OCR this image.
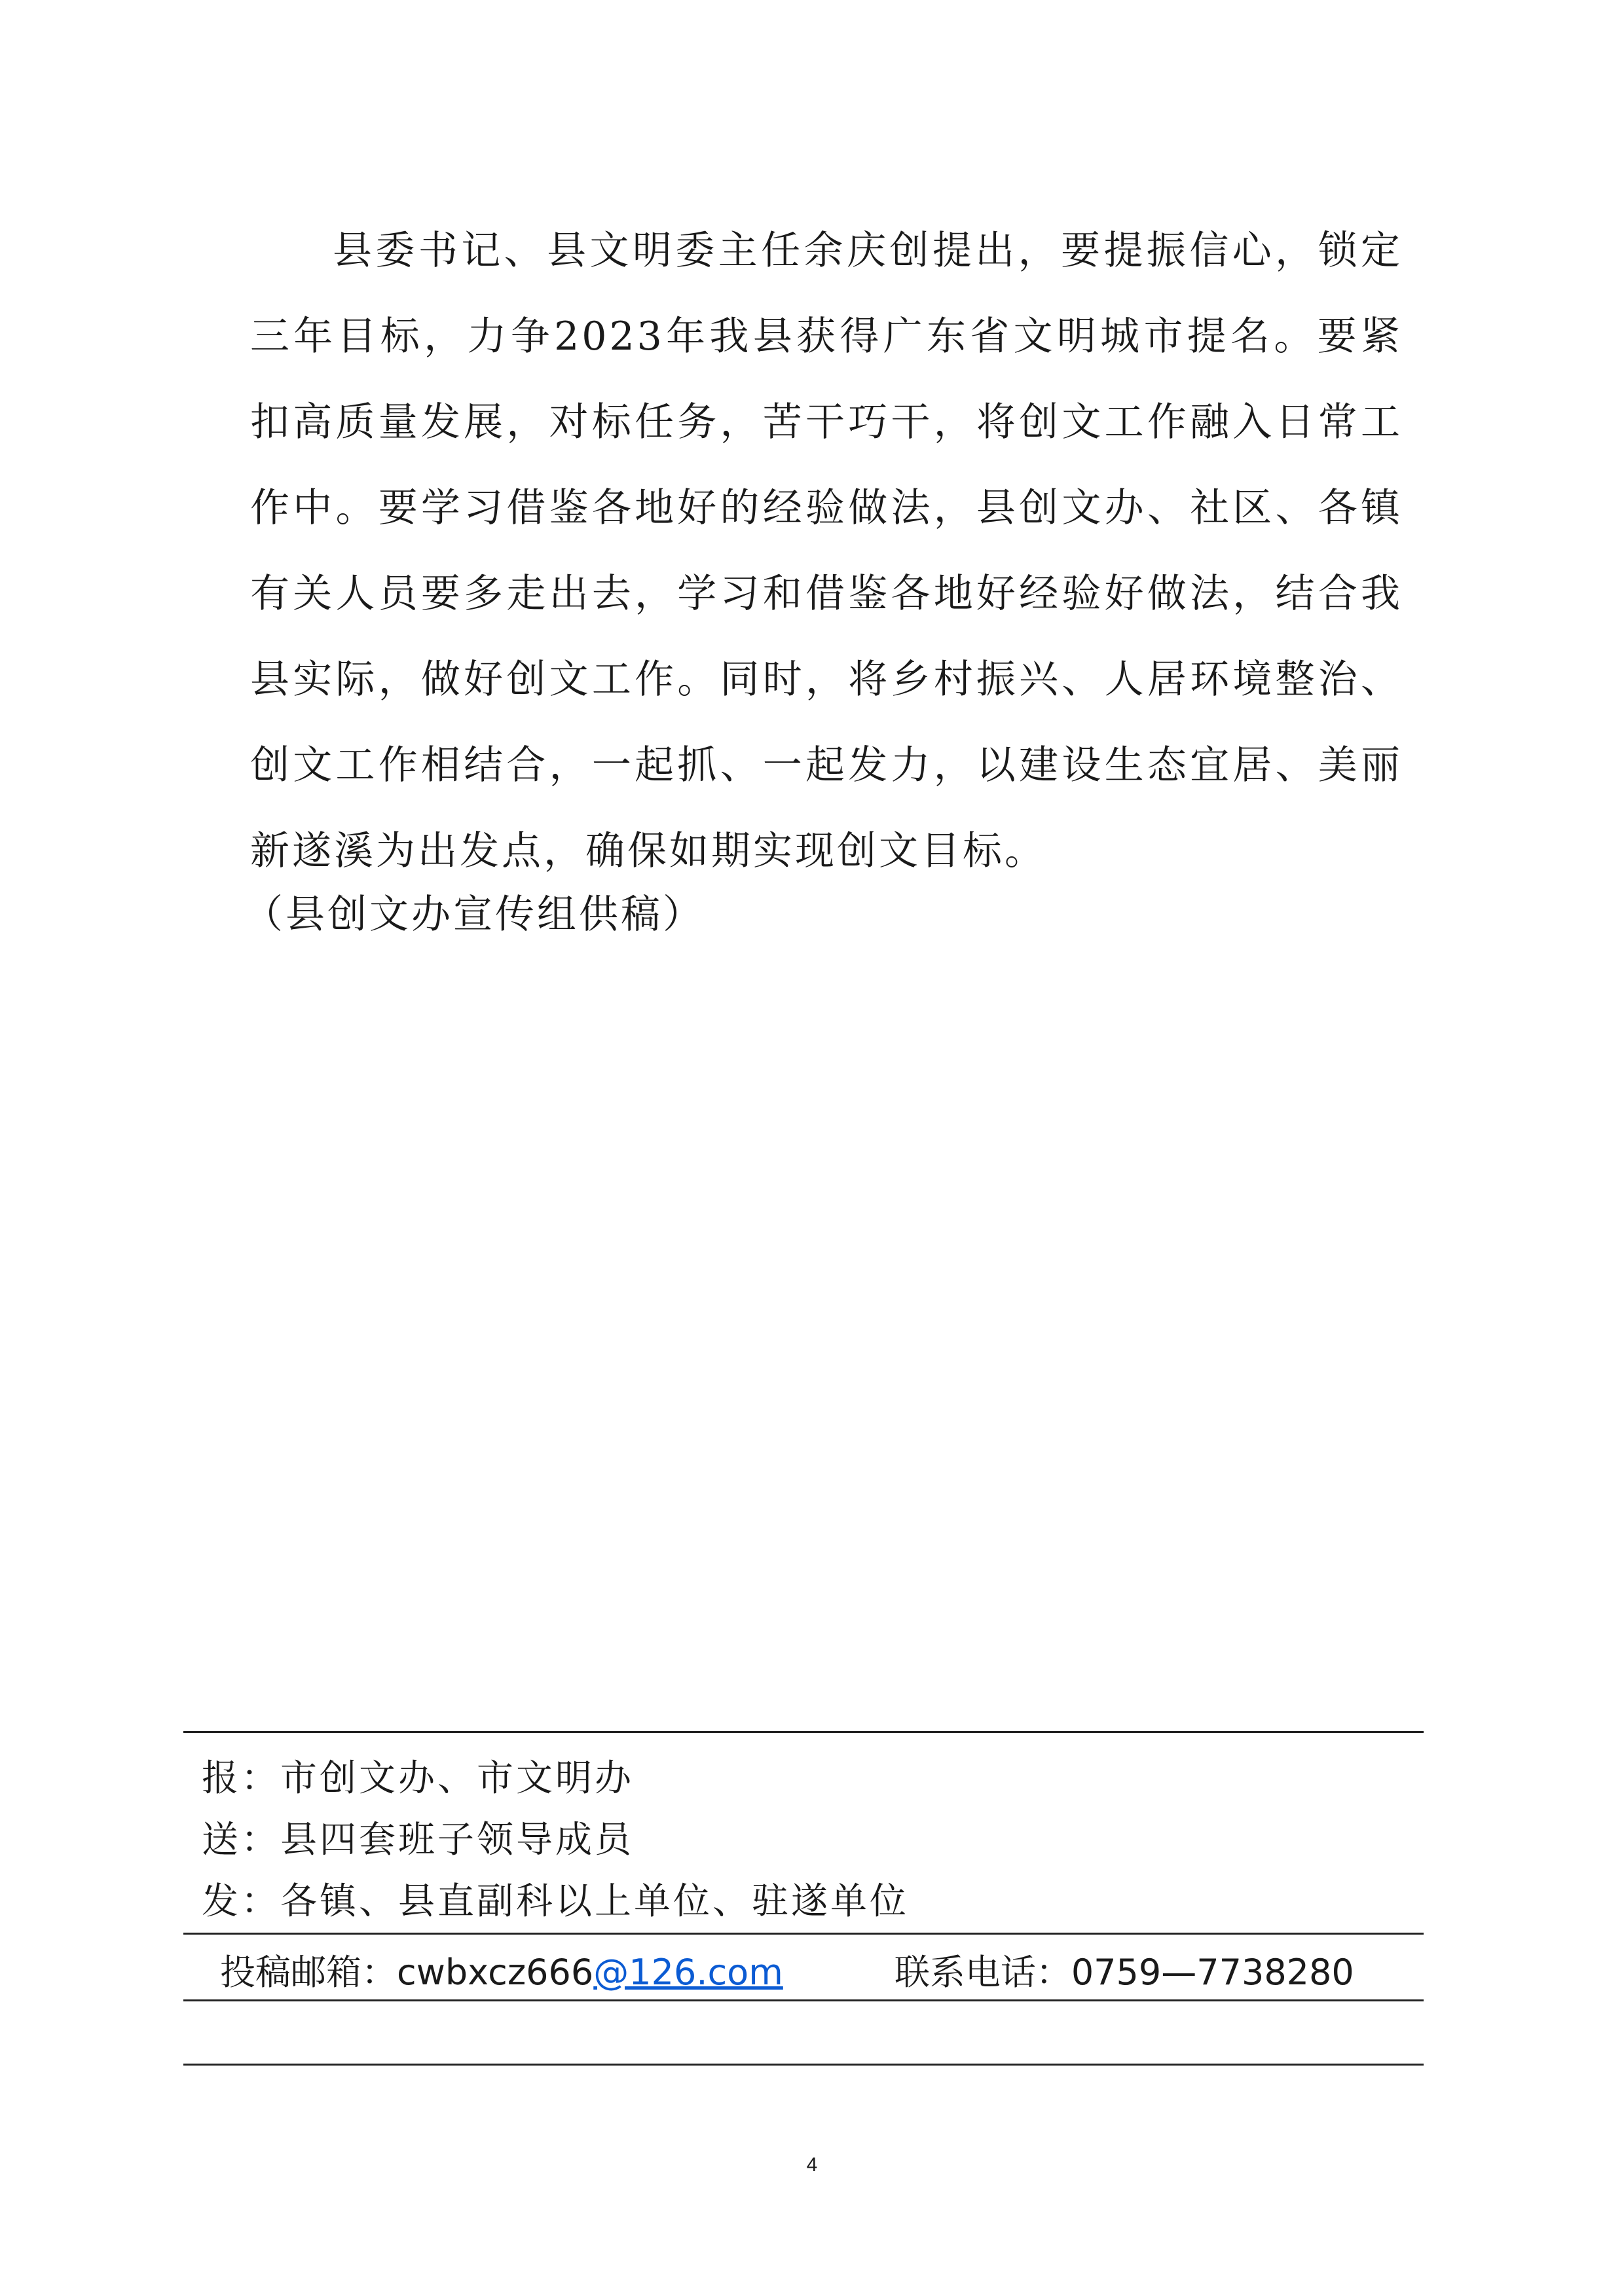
县委书记、县文明委主任余庆创提出，要提振信心，锁定三年目标，力争2023年我县获得广东省文明城市提名。要紧扣高质量发展，对标任务，苦干巧干，将创文工作融入日常工作中。要学习借鉴各地好的经验做法，县创文办、社区、各镇有关人员要多走出去，学习和借鉴各地好经验好做法，结合我县实际，做好创文工作。同时，将乡村振兴、人居环境整治、创文工作相结合，一起抓、一起发力，以建设生态宜居、美丽新遂溪为出发点，确保如期实现创文目标。

（县创文办宣传组供稿）

报：市创文办、市文明办
送：县四套班子领导成员
发：各镇、县直副科以上单位、驻遂单位
投稿邮箱：cwbxcz666@126.com	联系电话：0759—7738280
4
